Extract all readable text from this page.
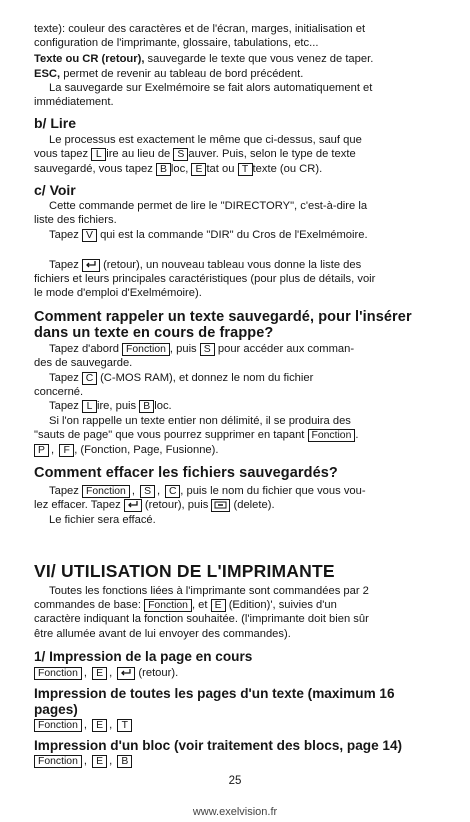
texte): couleur des caractères et de l'écran, marges, initialisation et
configuration de l'imprimante, glossaire, tabulations, etc...
Texte ou CR (retour), sauvegarde le texte que vous venez de taper.
ESC, permet de revenir au tableau de bord précédent.
La sauvegarde sur Exelmémoire se fait alors automatiquement et
immédiatement.
b/ Lire
Le processus est exactement le même que ci-dessus, sauf que
vous tapez L ire au lieu de S auver. Puis, selon le type de texte
sauvegardé, vous tapez B loc, E tat ou T texte (ou CR).
c/ Voir
Cette commande permet de lire le "DIRECTORY", c'est-à-dire la
liste des fichiers.
Tapez V qui est la commande "DIR" du Cros de l'Exelmémoire.
Tapez  (retour), un nouveau tableau vous donne la liste des
fichiers et leurs principales caractéristiques (pour plus de détails, voir
le mode d'emploi d'Exelmémoire).
Comment rappeler un texte sauvegardé, pour l'insérer
dans un texte en cours de frappe?
Tapez d'abord Fonction , puis S pour accéder aux comman-
des de sauvegarde.
Tapez C (C-MOS RAM), et donnez le nom du fichier
concerné.
Tapez L ire, puis B loc.
Si l'on rappelle un texte entier non délimité, il se produira des
"sauts de page" que vous pourrez supprimer en tapant Fonction .
P , F , (Fonction, Page, Fusionne).
Comment effacer les fichiers sauvegardés?
Tapez Fonction , S , C , puis le nom du fichier que vous vou-
lez effacer. Tapez  (retour), puis  (delete).
Le fichier sera effacé.
VI/ UTILISATION DE L'IMPRIMANTE
Toutes les fonctions liées à l'imprimante sont commandées par 2
commandes de base: Fonction , et E (Edition)', suivies d'un
caractère indiquant la fonction souhaitée. (l'imprimante doit bien sûr
être allumée avant de lui envoyer des commandes).
1/ Impression de la page en cours
Fonction , E ,  (retour).
Impression de toutes les pages d'un texte (maximum 16
pages)
Fonction , E , T
Impression d'un bloc (voir traitement des blocs, page 14)
Fonction , E , B
25
www.exelvision.fr
